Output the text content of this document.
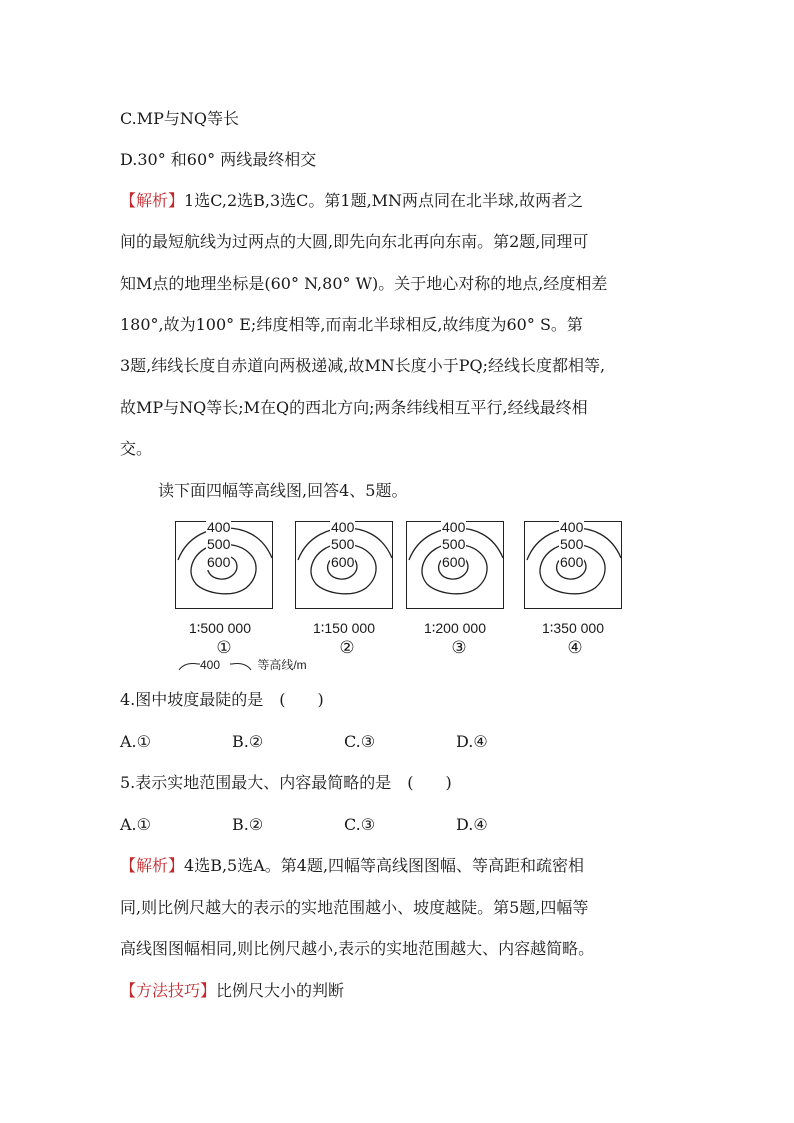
C.MP与NQ等长
D.30° 和60° 两线最终相交
【解析】1选C,2选B,3选C。第1题,MN两点同在北半球,故两者之
间的最短航线为过两点的大圆,即先向东北再向东南。第2题,同理可
知M点的地理坐标是(60° N,80° W)。关于地心对称的地点,经度相差
180°,故为100° E;纬度相等,而南北半球相反,故纬度为60° S。第
3题,纬线长度自赤道向两极递减,故MN长度小于PQ;经线长度都相等,
故MP与NQ等长;M在Q的西北方向;两条纬线相互平行,经线最终相
交。
读下面四幅等高线图,回答4、5题。
400
500
600
400
500
600
400
500
600
400
500
600
1∶500 000	1∶150 000	1∶200 000	1∶350 000
①	②	③	④

400	等高线/m
4.图中坡度最陡的是　(　　)
A.①	B.②	C.③	D.④
5.表示实地范围最大、内容最简略的是　(　　)
A.①	B.②	C.③	D.④
【解析】4选B,5选A。第4题,四幅等高线图图幅、等高距和疏密相
同,则比例尺越大的表示的实地范围越小、坡度越陡。第5题,四幅等
高线图图幅相同,则比例尺越小,表示的实地范围越大、内容越简略。
【方法技巧】比例尺大小的判断
